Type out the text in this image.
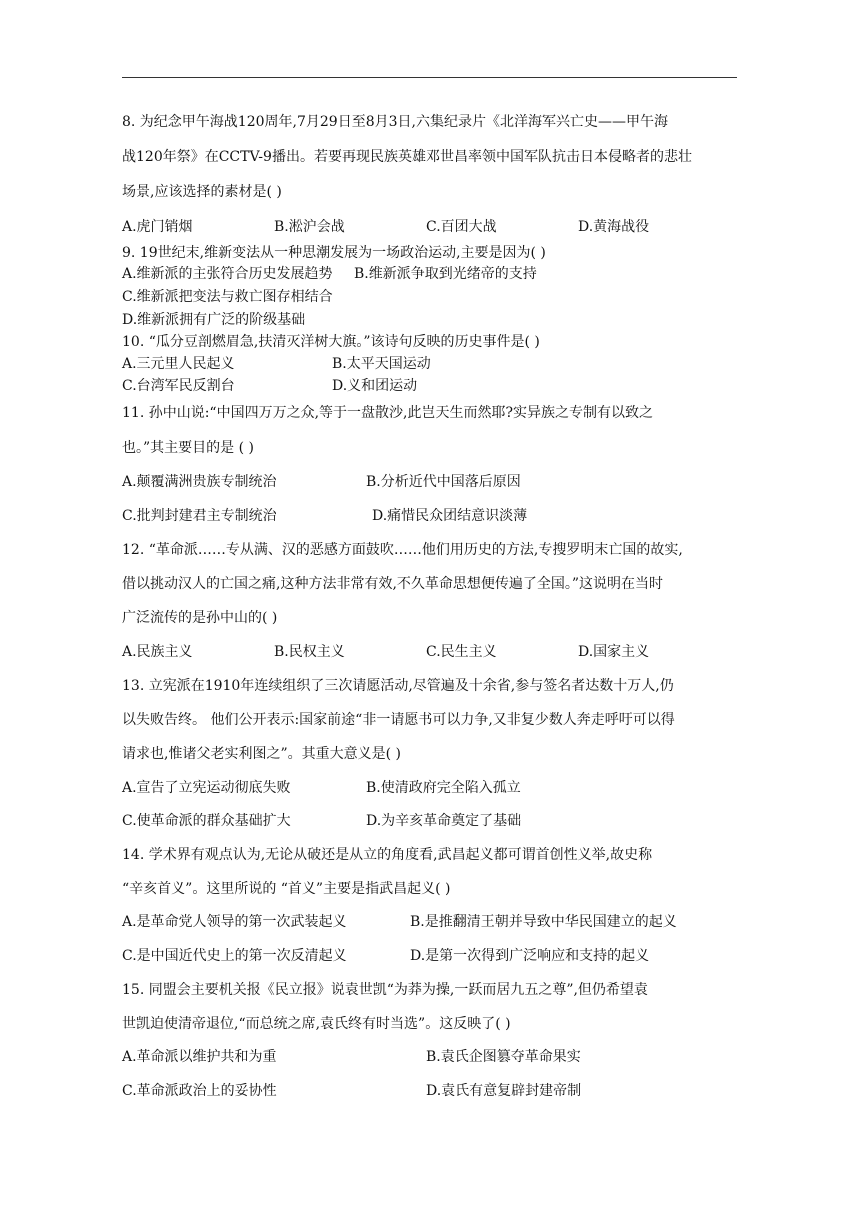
8. 为纪念甲午海战120周年,7月29日至8月3日,六集纪录片《北洋海军兴亡史——甲午海
战120年祭》在CCTV-9播出。若要再现民族英雄邓世昌率领中国军队抗击日本侵略者的悲壮
场景,应该选择的素材是( )
A.虎门销烟	B.淞沪会战	C.百团大战	D.黄海战役
9. 19世纪末,维新变法从一种思潮发展为一场政治运动,主要是因为( )
A.维新派的主张符合历史发展趋势 B.维新派争取到光绪帝的支持
C.维新派把变法与救亡图存相结合
D.维新派拥有广泛的阶级基础
10. “瓜分豆剖燃眉急,扶清灭洋树大旗。”该诗句反映的历史事件是( )
A.三元里人民起义	B.太平天国运动
C.台湾军民反割台	D.义和团运动
11. 孙中山说:“中国四万万之众,等于一盘散沙,此岂天生而然耶?实异族之专制有以致之
也。”其主要目的是 ( )
A.颠覆满洲贵族专制统治	B.分析近代中国落后原因
C.批判封建君主专制统治	D.痛惜民众团结意识淡薄
12. “革命派……专从满、汉的恶感方面鼓吹……他们用历史的方法,专搜罗明末亡国的故实,
借以挑动汉人的亡国之痛,这种方法非常有效,不久革命思想便传遍了全国。”这说明在当时
广泛流传的是孙中山的( )
A.民族主义	B.民权主义	C.民生主义	D.国家主义
13. 立宪派在1910年连续组织了三次请愿活动,尽管遍及十余省,参与签名者达数十万人,仍
以失败告终。 他们公开表示:国家前途“非一请愿书可以力争,又非复少数人奔走呼吁可以得
请求也,惟诸父老实利图之”。其重大意义是( )
A.宣告了立宪运动彻底失败	B.使清政府完全陷入孤立
C.使革命派的群众基础扩大	D.为辛亥革命奠定了基础
14. 学术界有观点认为,无论从破还是从立的角度看,武昌起义都可谓首创性义举,故史称
“辛亥首义”。这里所说的 “首义”主要是指武昌起义( )
A.是革命党人领导的第一次武装起义	B.是推翻清王朝并导致中华民国建立的起义
C.是中国近代史上的第一次反清起义	D.是第一次得到广泛响应和支持的起义
15. 同盟会主要机关报《民立报》说袁世凯“为莽为操,一跃而居九五之尊”,但仍希望袁
世凯迫使清帝退位,“而总统之席,袁氏终有时当选”。这反映了( )
A.革命派以维护共和为重	B.袁氏企图篡夺革命果实
C.革命派政治上的妥协性	D.袁氏有意复辟封建帝制
